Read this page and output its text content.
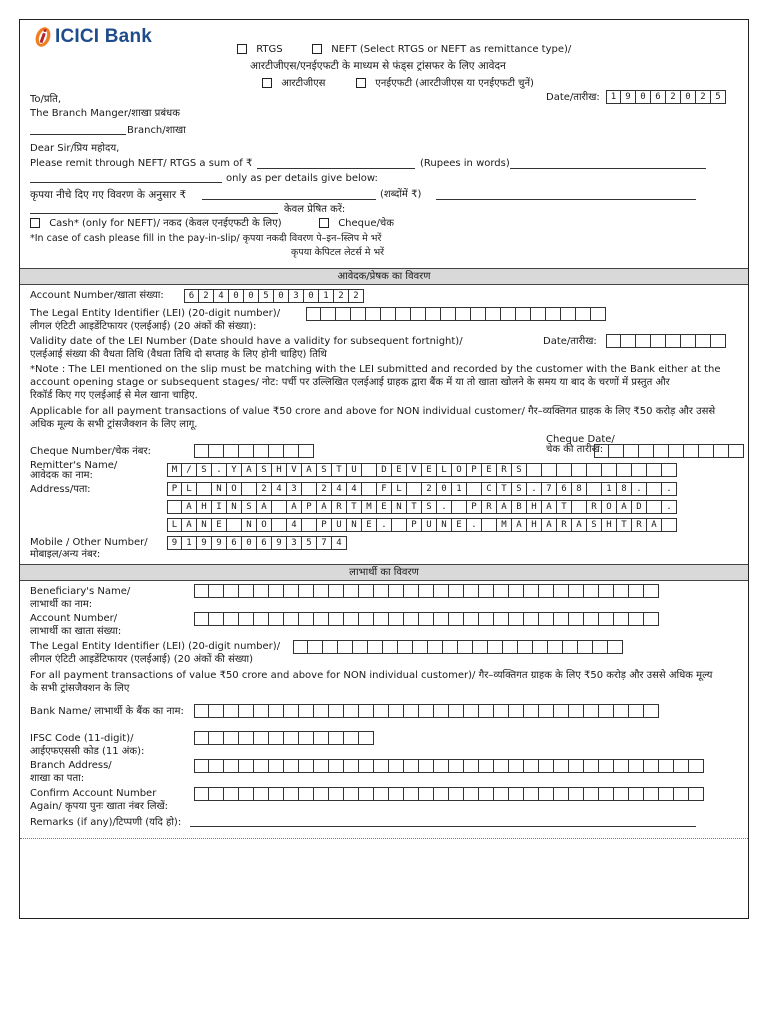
ICICI Bank
RTGS	NEFT (Select RTGS or NEFT as remittance type)/
आरटीजीएस/एनईएफटी के माध्यम से फंड्स ट्रांसफर के लिए आवेदन
आरटीजीएस	एनईएफटी (आरटीजीएस या एनईएफटी चुनें)
To/प्रति,	Date/तारीख:	1	9	0	6	2	0	2	5
The Branch Manger/शाखा प्रबंधक
Branch/शाखा
Dear Sir/प्रिय महोदय,
Please remit through NEFT/ RTGS a sum of ₹	(Rupees in words)
only as per details give below:
कृपया नीचे दिए गए विवरण के अनुसार ₹	(शब्दोंमें ₹)
केवल प्रेषित करें:
Cash* (only for NEFT)/ नकद (केवल एनईएफटी के लिए)	Cheque/चेक
*In case of cash please fill in the pay-in-slip/ कृपया नकदी विवरण पे–इन–स्लिप मे भरें
कृपया केपिटल लेटर्स मे भरें
आवेदक/प्रेषक का विवरण
Account Number/खाता संख्या:	6	2	4	0	0	5	0	3	0	1	2	2
The Legal Entity Identifier (LEI) (20-digit number)/
लीगल एंटिटी आइडेंटिफायर (एलईआई) (20 अंकों की संख्या):
Validity date of the LEI Number (Date should have a validity for subsequent fortnight)/	Date/तारीख:
एलईआई संख्या की वैधता तिथि (वैधता तिथि दो सप्ताह के लिए होनी चाहिए) तिथि
*Note : The LEI mentioned on the slip must be matching with the LEI submitted and recorded by the customer with the Bank either at the
account opening stage or subsequent stages/ नोट: पर्ची पर उल्लिखित एलईआई ग्राहक द्वारा बैंक में या तो खाता खोलने के समय या बाद के चरणों में प्रस्तुत और
रिकॉर्ड किए गए एलईआई से मेल खाना चाहिए.
Applicable for all payment transactions of value ₹50 crore and above for NON individual customer/ गैर–व्यक्तिगत ग्राहक के लिए ₹50 करोड़ और उससे
अधिक मूल्य के सभी ट्रांसजैक्शन के लिए लागू.
Cheque Number/चेक नंबर:
Cheque Date/
चेक की तारीख:
Remitter's Name/
आवेदक का नाम:	M	/	S	.	Y	A	S	H	V	A	S	T	U	D	E	V	E	L	O	P	E	R	S
Address/पता:	P	L	N	O	2	4	3	2	4	4	F	L	2	0	1	C	T	S	.	7	6	8	1	8	.	.
A	H	I	N	S	A	A	P	A	R	T	M	E	N	T	S	.	P	R	A	B	H	A	T	R	O	A	D	.
L	A	N	E	N	O	4	P	U	N	E	.	P	U	N	E	.	M	A	H	A	R	A	S	H	T	R	A
Mobile / Other Number/
मोबाइल/अन्य नंबर:
9	1	9	9	6	0	6	9	3	5	7	4
लाभार्थी का विवरण
Beneficiary's Name/
लाभार्थी का नाम:
Account Number/
लाभार्थी का खाता संख्या:
The Legal Entity Identifier (LEI) (20-digit number)/
लीगल एंटिटी आइडेंटिफायर (एलईआई) (20 अंकों की संख्या)
For all payment transactions of value ₹50 crore and above for NON individual customer)/ गैर–व्यक्तिगत ग्राहक के लिए ₹50 करोड़ और उससे अधिक मूल्य
के सभी ट्रांसजैक्शन के लिए
Bank Name/ लाभार्थी के बैंक का नाम:
IFSC Code (11-digit)/
आईएफएससी कोड (11 अंक):
Branch Address/
शाखा का पता:
Confirm Account Number
Again/ कृपया पुनः खाता नंबर लिखें:
Remarks (if any)/टिप्पणी (यदि हो):
